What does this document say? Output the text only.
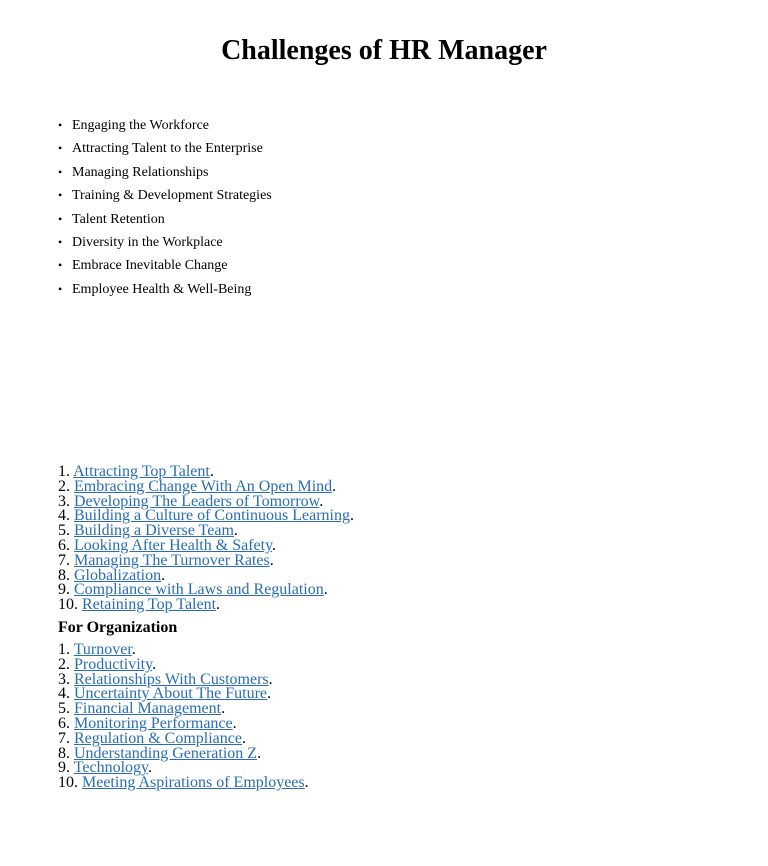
Challenges of HR Manager
• Engaging the Workforce
• Attracting Talent to the Enterprise
• Managing Relationships
• Training & Development Strategies
• Talent Retention
• Diversity in the Workplace
• Embrace Inevitable Change
• Employee Health & Well-Being
1. Attracting Top Talent.
2. Embracing Change With An Open Mind.
3. Developing The Leaders of Tomorrow.
4. Building a Culture of Continuous Learning.
5. Building a Diverse Team.
6. Looking After Health & Safety.
7. Managing The Turnover Rates.
8. Globalization.
9. Compliance with Laws and Regulation.
10. Retaining Top Talent.
For Organization
1. Turnover.
2. Productivity.
3. Relationships With Customers.
4. Uncertainty About The Future.
5. Financial Management.
6. Monitoring Performance.
7. Regulation & Compliance.
8. Understanding Generation Z.
9. Technology.
10. Meeting Aspirations of Employees.
